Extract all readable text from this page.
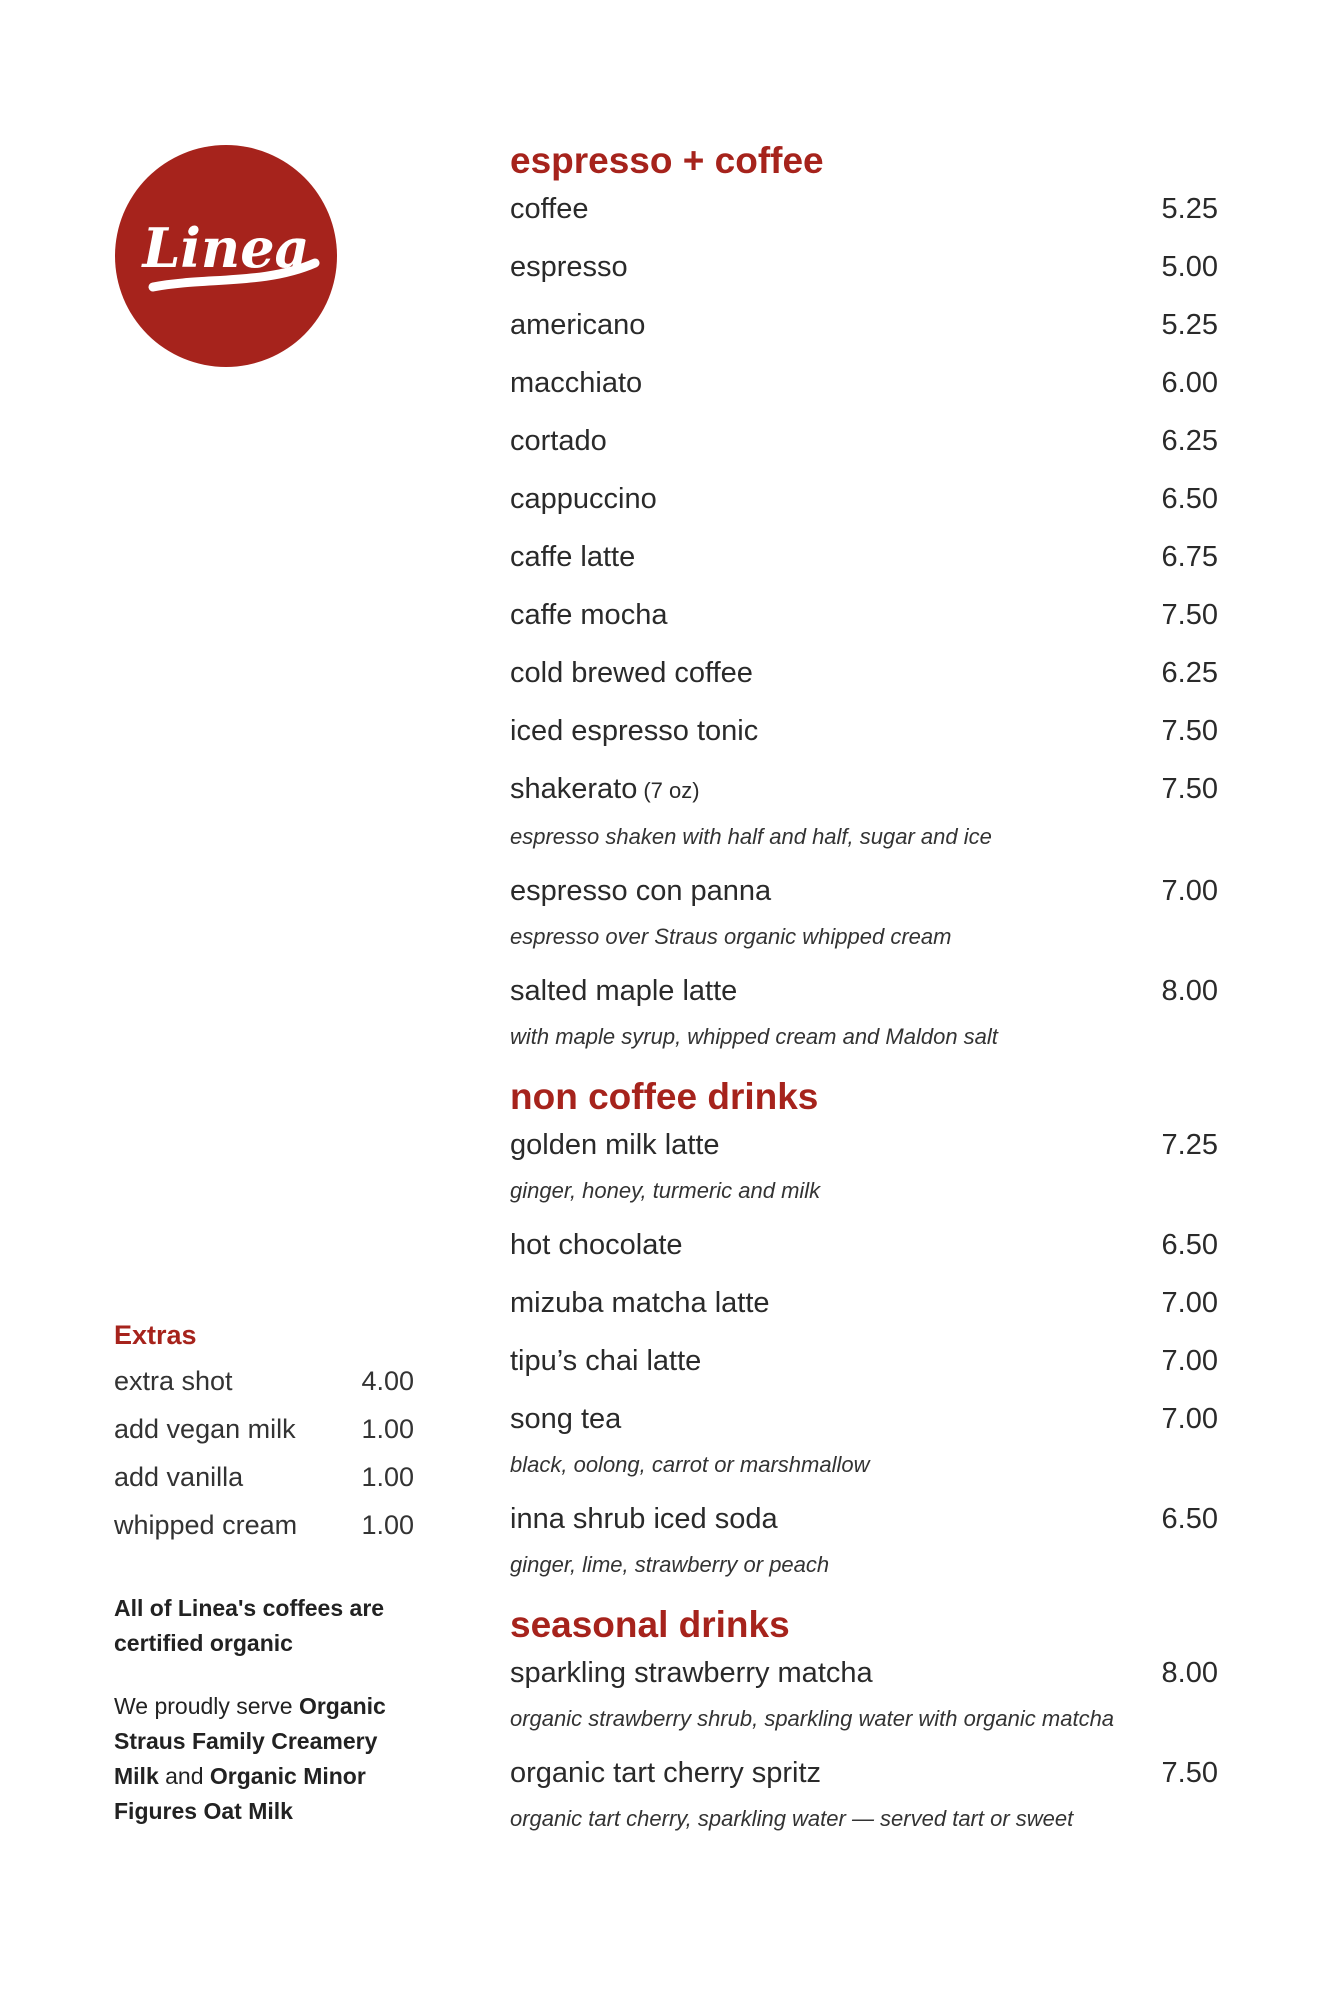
Linea
Extras
extra shot	4.00
add vegan milk 1.00
add vanilla	1.00
whipped cream 1.00

All of Linea's coffees are certified organic

We proudly serve Organic Straus Family Creamery Milk and Organic Minor Figures Oat Milk

espresso + coffee
coffee	5.25
espresso	5.00
americano	5.25
macchiato	6.00
cortado	6.25
cappuccino	6.50
caffe latte	6.75
caffe mocha	7.50
cold brewed coffee	6.25
iced espresso tonic	7.50
shakerato (7 oz)	7.50
espresso shaken with half and half, sugar and ice
espresso con panna	7.00
espresso over Straus organic whipped cream
salted maple latte	8.00
with maple syrup, whipped cream and Maldon salt
non coffee drinks
golden milk latte	7.25
ginger, honey, turmeric and milk
hot chocolate	6.50
mizuba matcha latte	7.00
tipu’s chai latte	7.00
song tea	7.00
black, oolong, carrot or marshmallow
inna shrub iced soda	6.50
ginger, lime, strawberry or peach
seasonal drinks
sparkling strawberry matcha	8.00
organic strawberry shrub, sparkling water with organic matcha
organic tart cherry spritz	7.50
organic tart cherry, sparkling water — served tart or sweet
